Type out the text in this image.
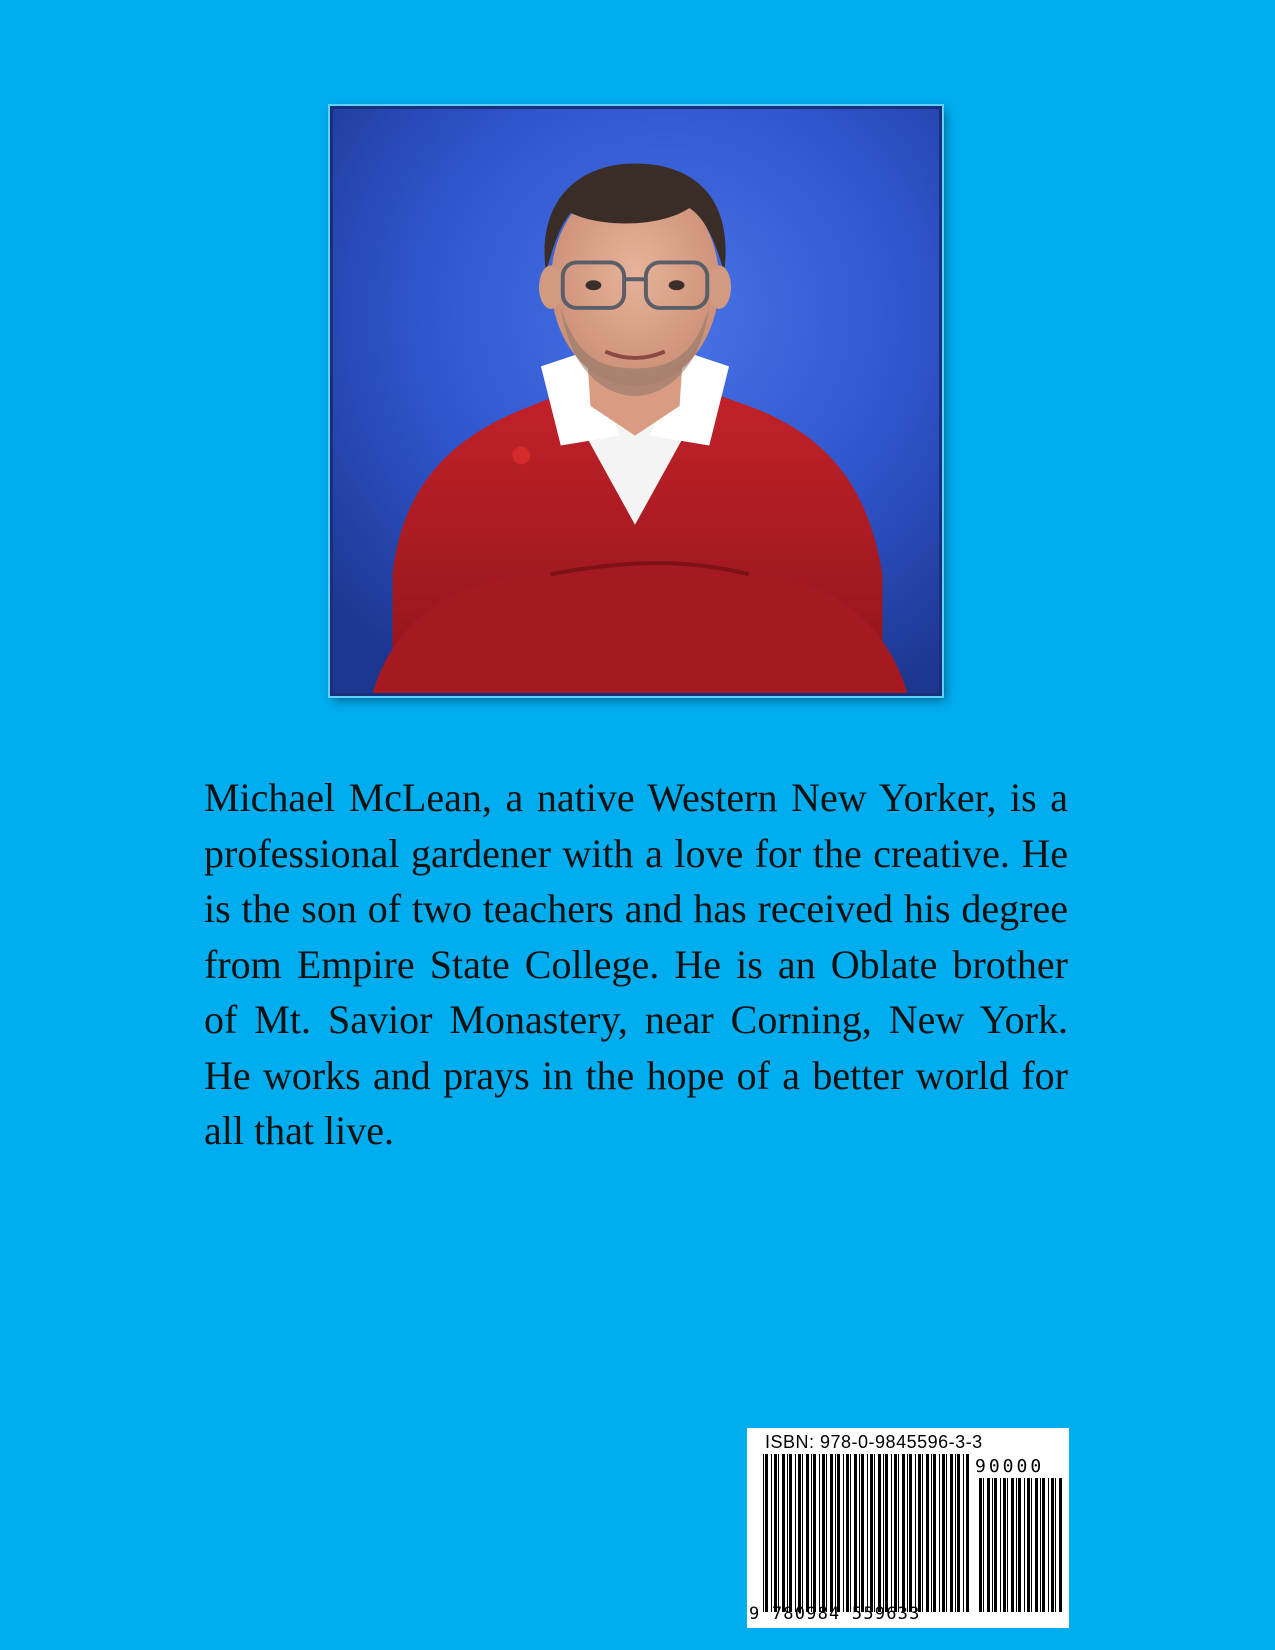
Michael McLean, a native Western New Yorker, is a professional gardener with a love for the creative. He is the son of two teachers and has received his degree from Empire State College. He is an Oblate brother of Mt. Savior Monastery, near Corning, New York. He works and prays in the hope of a better world for all that live.

ISBN: 978-0-9845596-3-3
90000
9 780984 559633
